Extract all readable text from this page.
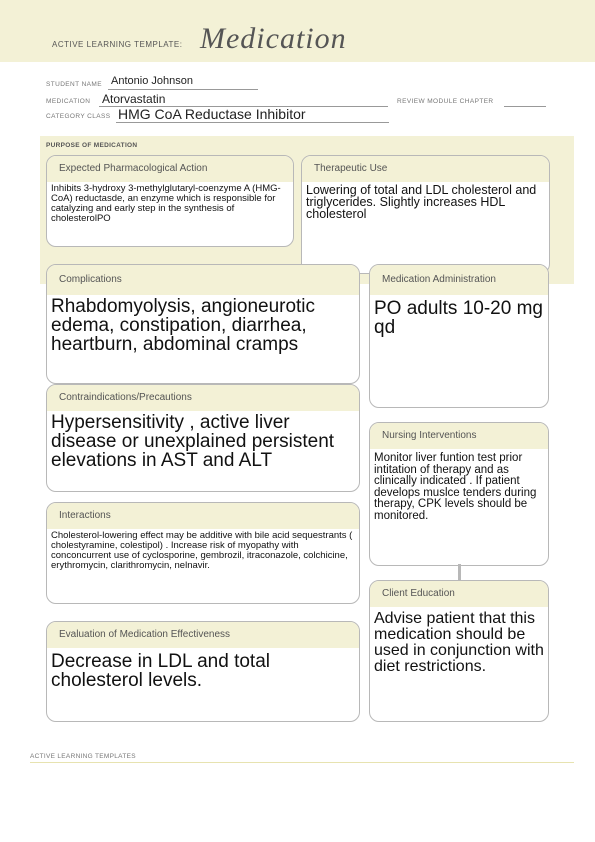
ACTIVE LEARNING TEMPLATE: Medication
STUDENT NAME Antonio Johnson
MEDICATION Atorvastatin	REVIEW MODULE CHAPTER
CATEGORY CLASS HMG CoA Reductase Inhibitor
PURPOSE OF MEDICATION
Expected Pharmacological Action
Inhibits 3-hydroxy 3-methylglutaryl-coenzyme A (HMG-CoA) reductasde, an enzyme which is responsible for catalyzing and early step in the synthesis of cholesterolPO
Therapeutic Use
Lowering of total and LDL cholesterol and triglycerides. Slightly increases HDL cholesterol
Complications
Rhabdomyolysis, angioneurotic edema, constipation, diarrhea, heartburn, abdominal cramps
Medication Administration
PO adults 10-20 mg qd
Contraindications/Precautions
Hypersensitivity , active liver disease or unexplained persistent elevations in AST and ALT
Nursing Interventions
Monitor liver funtion test prior intitation of therapy and as clinically indicated . If patient develops muslce tenders during therapy, CPK levels should be monitored.
Interactions
Cholesterol-lowering effect may be additive with bile acid sequestrants ( cholestyramine, colestipol) . Increase risk of myopathy with conconcurrent use of cyclosporine, gembrozil, itraconazole, colchicine, erythromycin, clarithromycin, nelnavir.
Client Education
Advise patient that this medication should be used in conjunction with diet restrictions.
Evaluation of Medication Effectiveness
Decrease in LDL and total cholesterol levels.
ACTIVE LEARNING TEMPLATES
